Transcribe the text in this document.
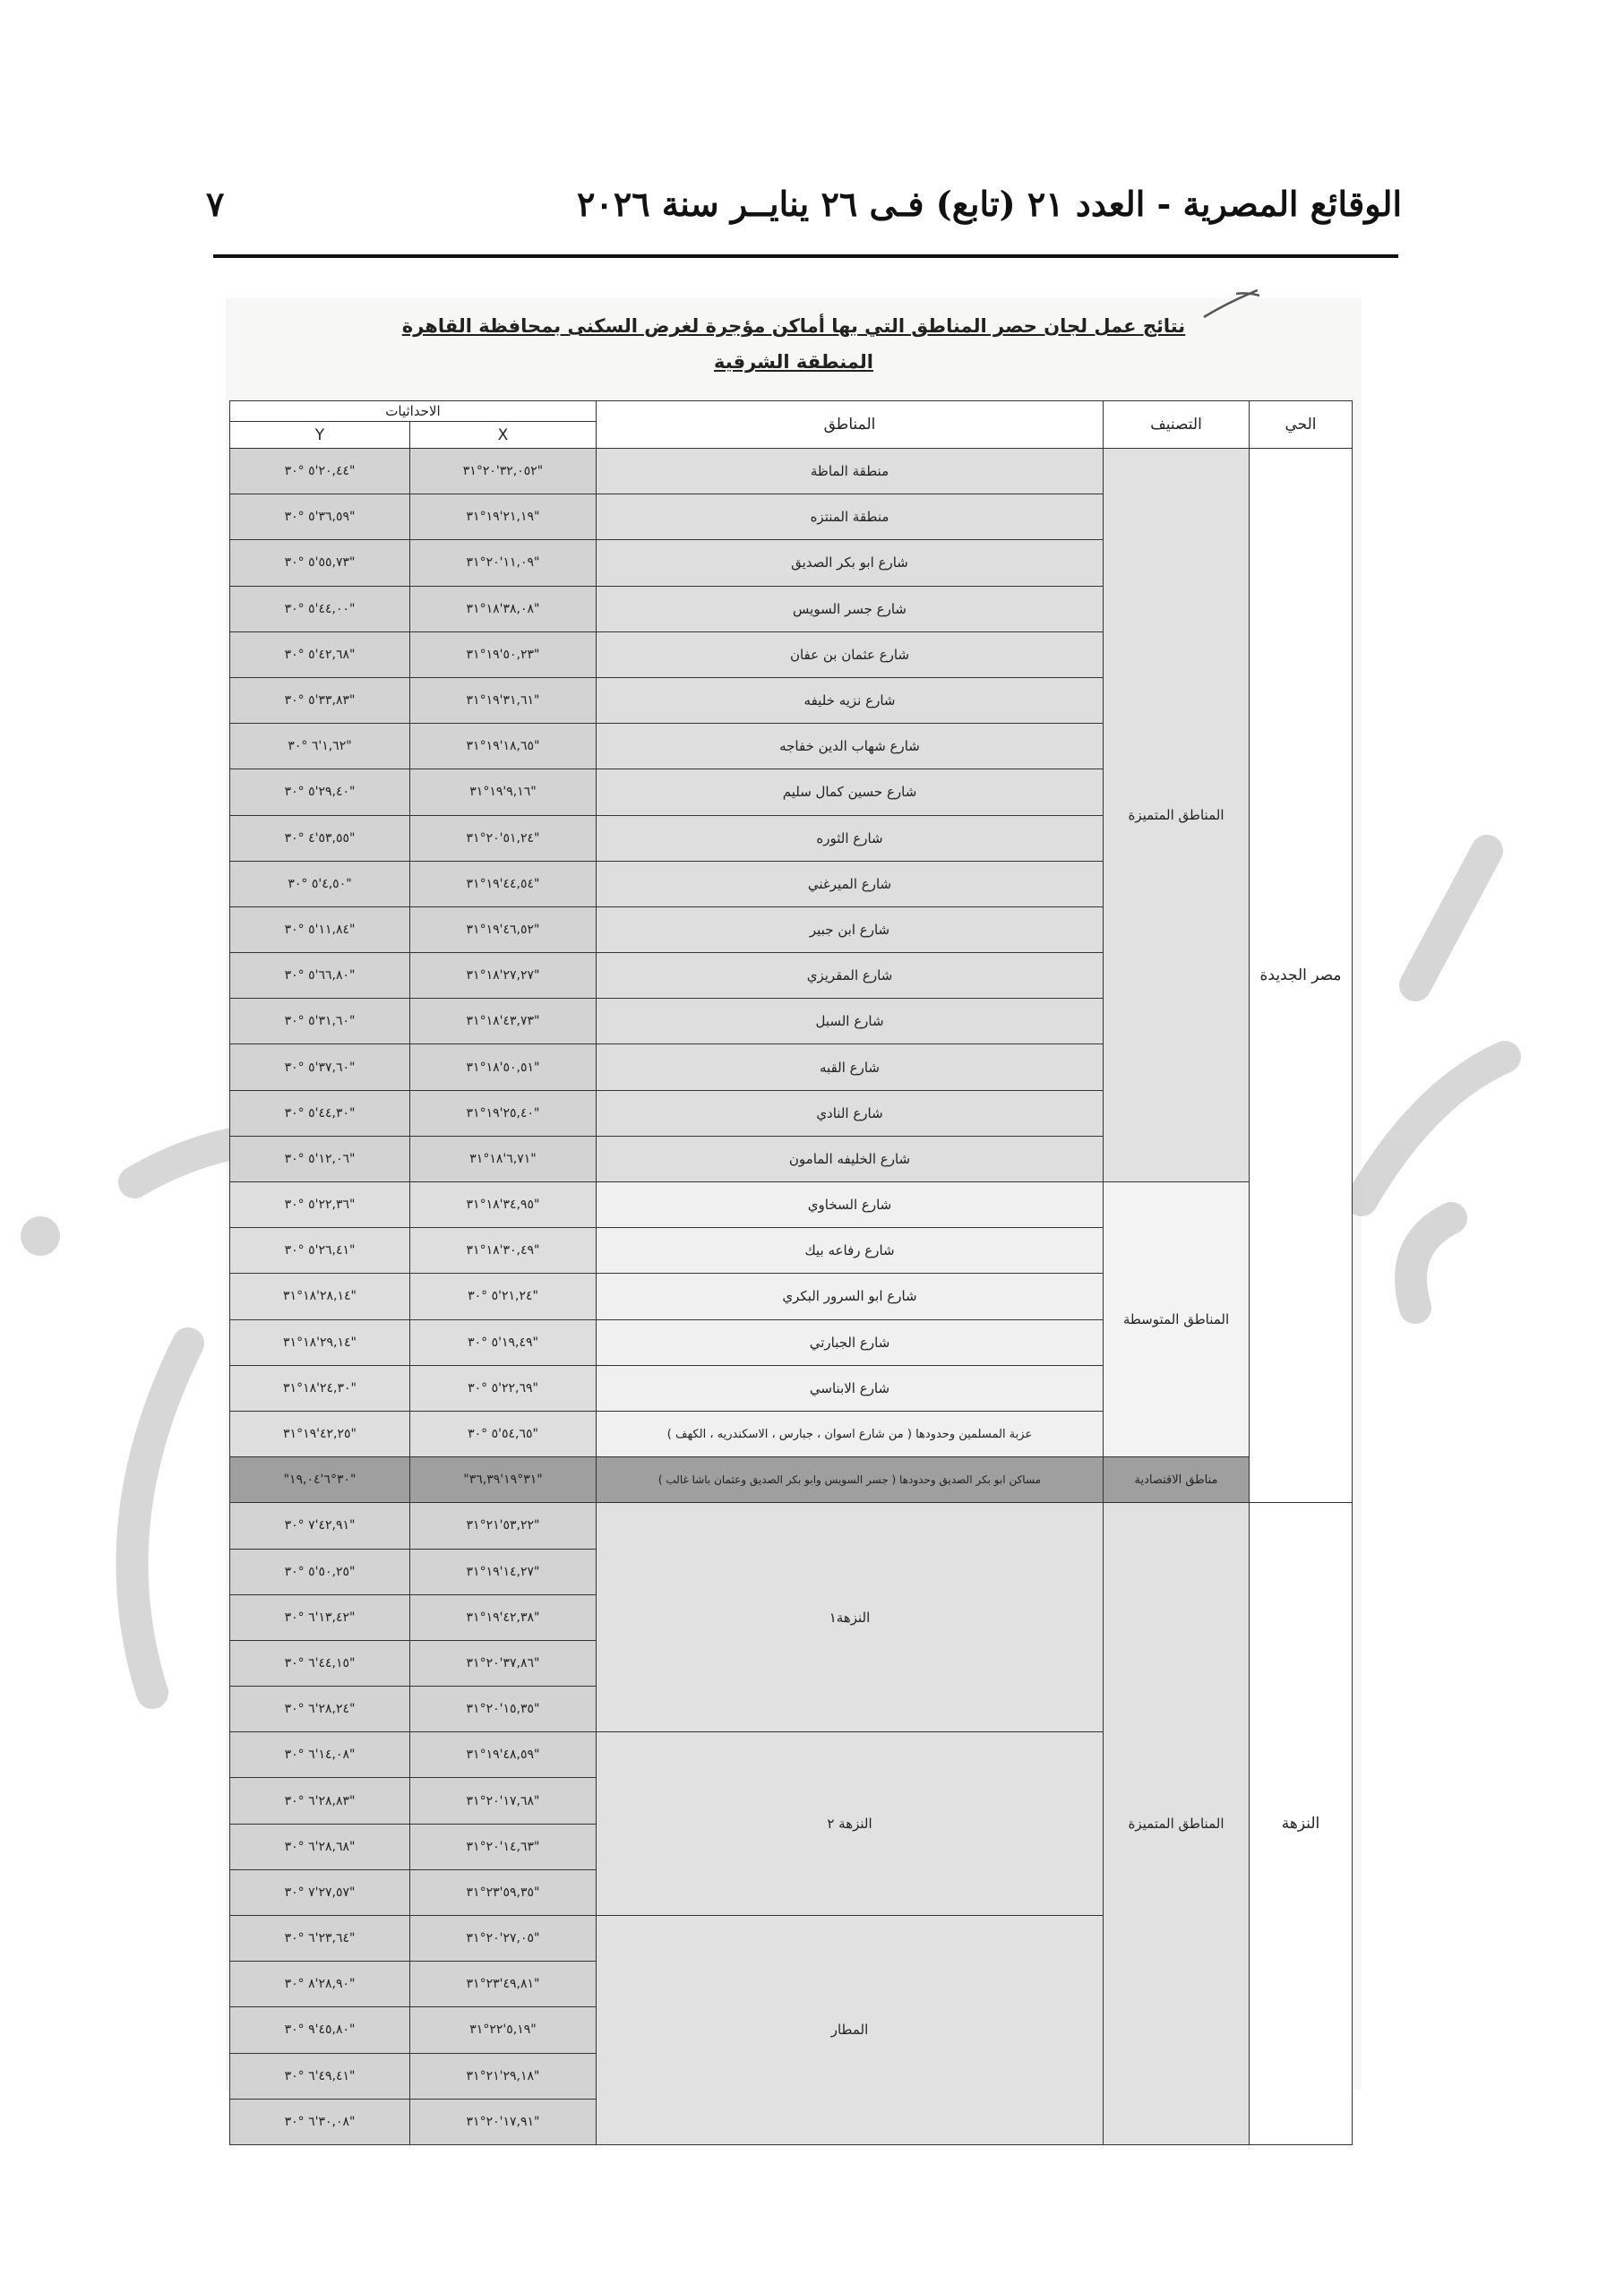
الوقائع المصرية - العدد ٢١ (تابع) فـى ٢٦ ينايــر سنة ٢٠٢٦
٧
نتائج عمل لجان حصر المناطق التي بها أماكن مؤجرة لغرض السكنى بمحافظة القاهرة
المنطقة الشرقية
الحي	التصنيف	المناطق	الاحداثيات	
			X	Y
مصر الجديدة	المناطق المتميزة	منطقة الماظة	"٣٢,٠٥٢'٢٠°٣١	"٢٠,٤٤'٥ °٣٠
		منطقة المنتزه	"٢١,١٩'١٩°٣١	"٣٦,٥٩'٥ °٣٠
		شارع ابو بكر الصديق	"١١,٠٩'٢٠°٣١	"٥٥,٧٣'٥ °٣٠
		شارع جسر السويس	"٣٨,٠٨'١٨°٣١	"٤٤,٠٠'٥ °٣٠
		شارع عثمان بن عفان	"٥٠,٢٣'١٩°٣١	"٤٢,٦٨'٥ °٣٠
		شارع نزيه خليفه	"٣١,٦١'١٩°٣١	"٣٣,٨٣'٥ °٣٠
		شارع شهاب الدين خفاجه	"١٨,٦٥'١٩°٣١	"١,٦٢'٦ °٣٠
		شارع حسين كمال سليم	"٩,١٦'١٩°٣١	"٢٩,٤٠'٥ °٣٠
		شارع الثوره	"٥١,٢٤'٢٠°٣١	"٥٣,٥٥'٤ °٣٠
		شارع الميرغني	"٤٤,٥٤'١٩°٣١	"٤,٥٠'٥ °٣٠
		شارع ابن جبير	"٤٦,٥٢'١٩°٣١	"١١,٨٤'٥ °٣٠
		شارع المقريزي	"٢٧,٢٧'١٨°٣١	"٦٦,٨٠'٥ °٣٠
		شارع السبل	"٤٣,٧٣'١٨°٣١	"٣١,٦٠'٥ °٣٠
		شارع القبه	"٥٠,٥١'١٨°٣١	"٣٧,٦٠'٥ °٣٠
		شارع النادي	"٢٥,٤٠'١٩°٣١	"٤٤,٣٠'٥ °٣٠
		شارع الخليفه المامون	"٦,٧١'١٨°٣١	"١٢,٠٦'٥ °٣٠
	المناطق المتوسطة	شارع السخاوي	"٣٤,٩٥'١٨°٣١	"٢٢,٣٦'٥ °٣٠
		شارع رفاعه بيك	"٣٠,٤٩'١٨°٣١	"٢٦,٤١'٥ °٣٠
		شارع ابو السرور البكري	"٢١,٢٤'٥ °٣٠	"٢٨,١٤'١٨°٣١
		شارع الجبارتي	"١٩,٤٩'٥ °٣٠	"٢٩,١٤'١٨°٣١
		شارع الابناسي	"٢٢,٦٩'٥ °٣٠	"٢٤,٣٠'١٨°٣١
		عزبة المسلمين وحدودها ( من شارع اسوان ، جبارس ، الاسكندريه ، الكهف )	"٥٤,٦٥'٥ °٣٠	"٤٢,٢٥'١٩°٣١
	مناطق الاقتصادية	مساكن ابو بكر الصديق وحدودها ( جسر السويس وابو بكر الصديق وعثمان باشا غالب )	"٣١°١٩'٣٦,٣٩"	"٣٠°٦'١٩,٠٤"
النزهة	المناطق المتميزة	النزهة١	"٥٣,٢٢'٢١°٣١	"٤٢,٩١'٧ °٣٠
			"١٤,٢٧'١٩°٣١	"٥٠,٢٥'٥ °٣٠
			"٤٢,٣٨'١٩°٣١	"١٣,٤٢'٦ °٣٠
			"٣٧,٨٦'٢٠°٣١	"٤٤,١٥'٦ °٣٠
			"١٥,٣٥'٢٠°٣١	"٢٨,٢٤'٦ °٣٠
		النزهة ٢	"٤٨,٥٩'١٩°٣١	"١٤,٠٨'٦ °٣٠
			"١٧,٦٨'٢٠°٣١	"٢٨,٨٣'٦ °٣٠
			"١٤,٦٣'٢٠°٣١	"٢٨,٦٨'٦ °٣٠
			"٥٩,٣٥'٢٣°٣١	"٢٧,٥٧'٧ °٣٠
		المطار	"٢٧,٠٥'٢٠°٣١	"٢٣,٦٤'٦ °٣٠
			"٤٩,٨١'٢٣°٣١	"٢٨,٩٠'٨ °٣٠
			"٥,١٩'٢٢°٣١	"٤٥,٨٠'٩ °٣٠
			"٢٩,١٨'٢١°٣١	"٤٩,٤١'٦ °٣٠
			"١٧,٩١'٢٠°٣١	"٣٠,٠٨'٦ °٣٠
